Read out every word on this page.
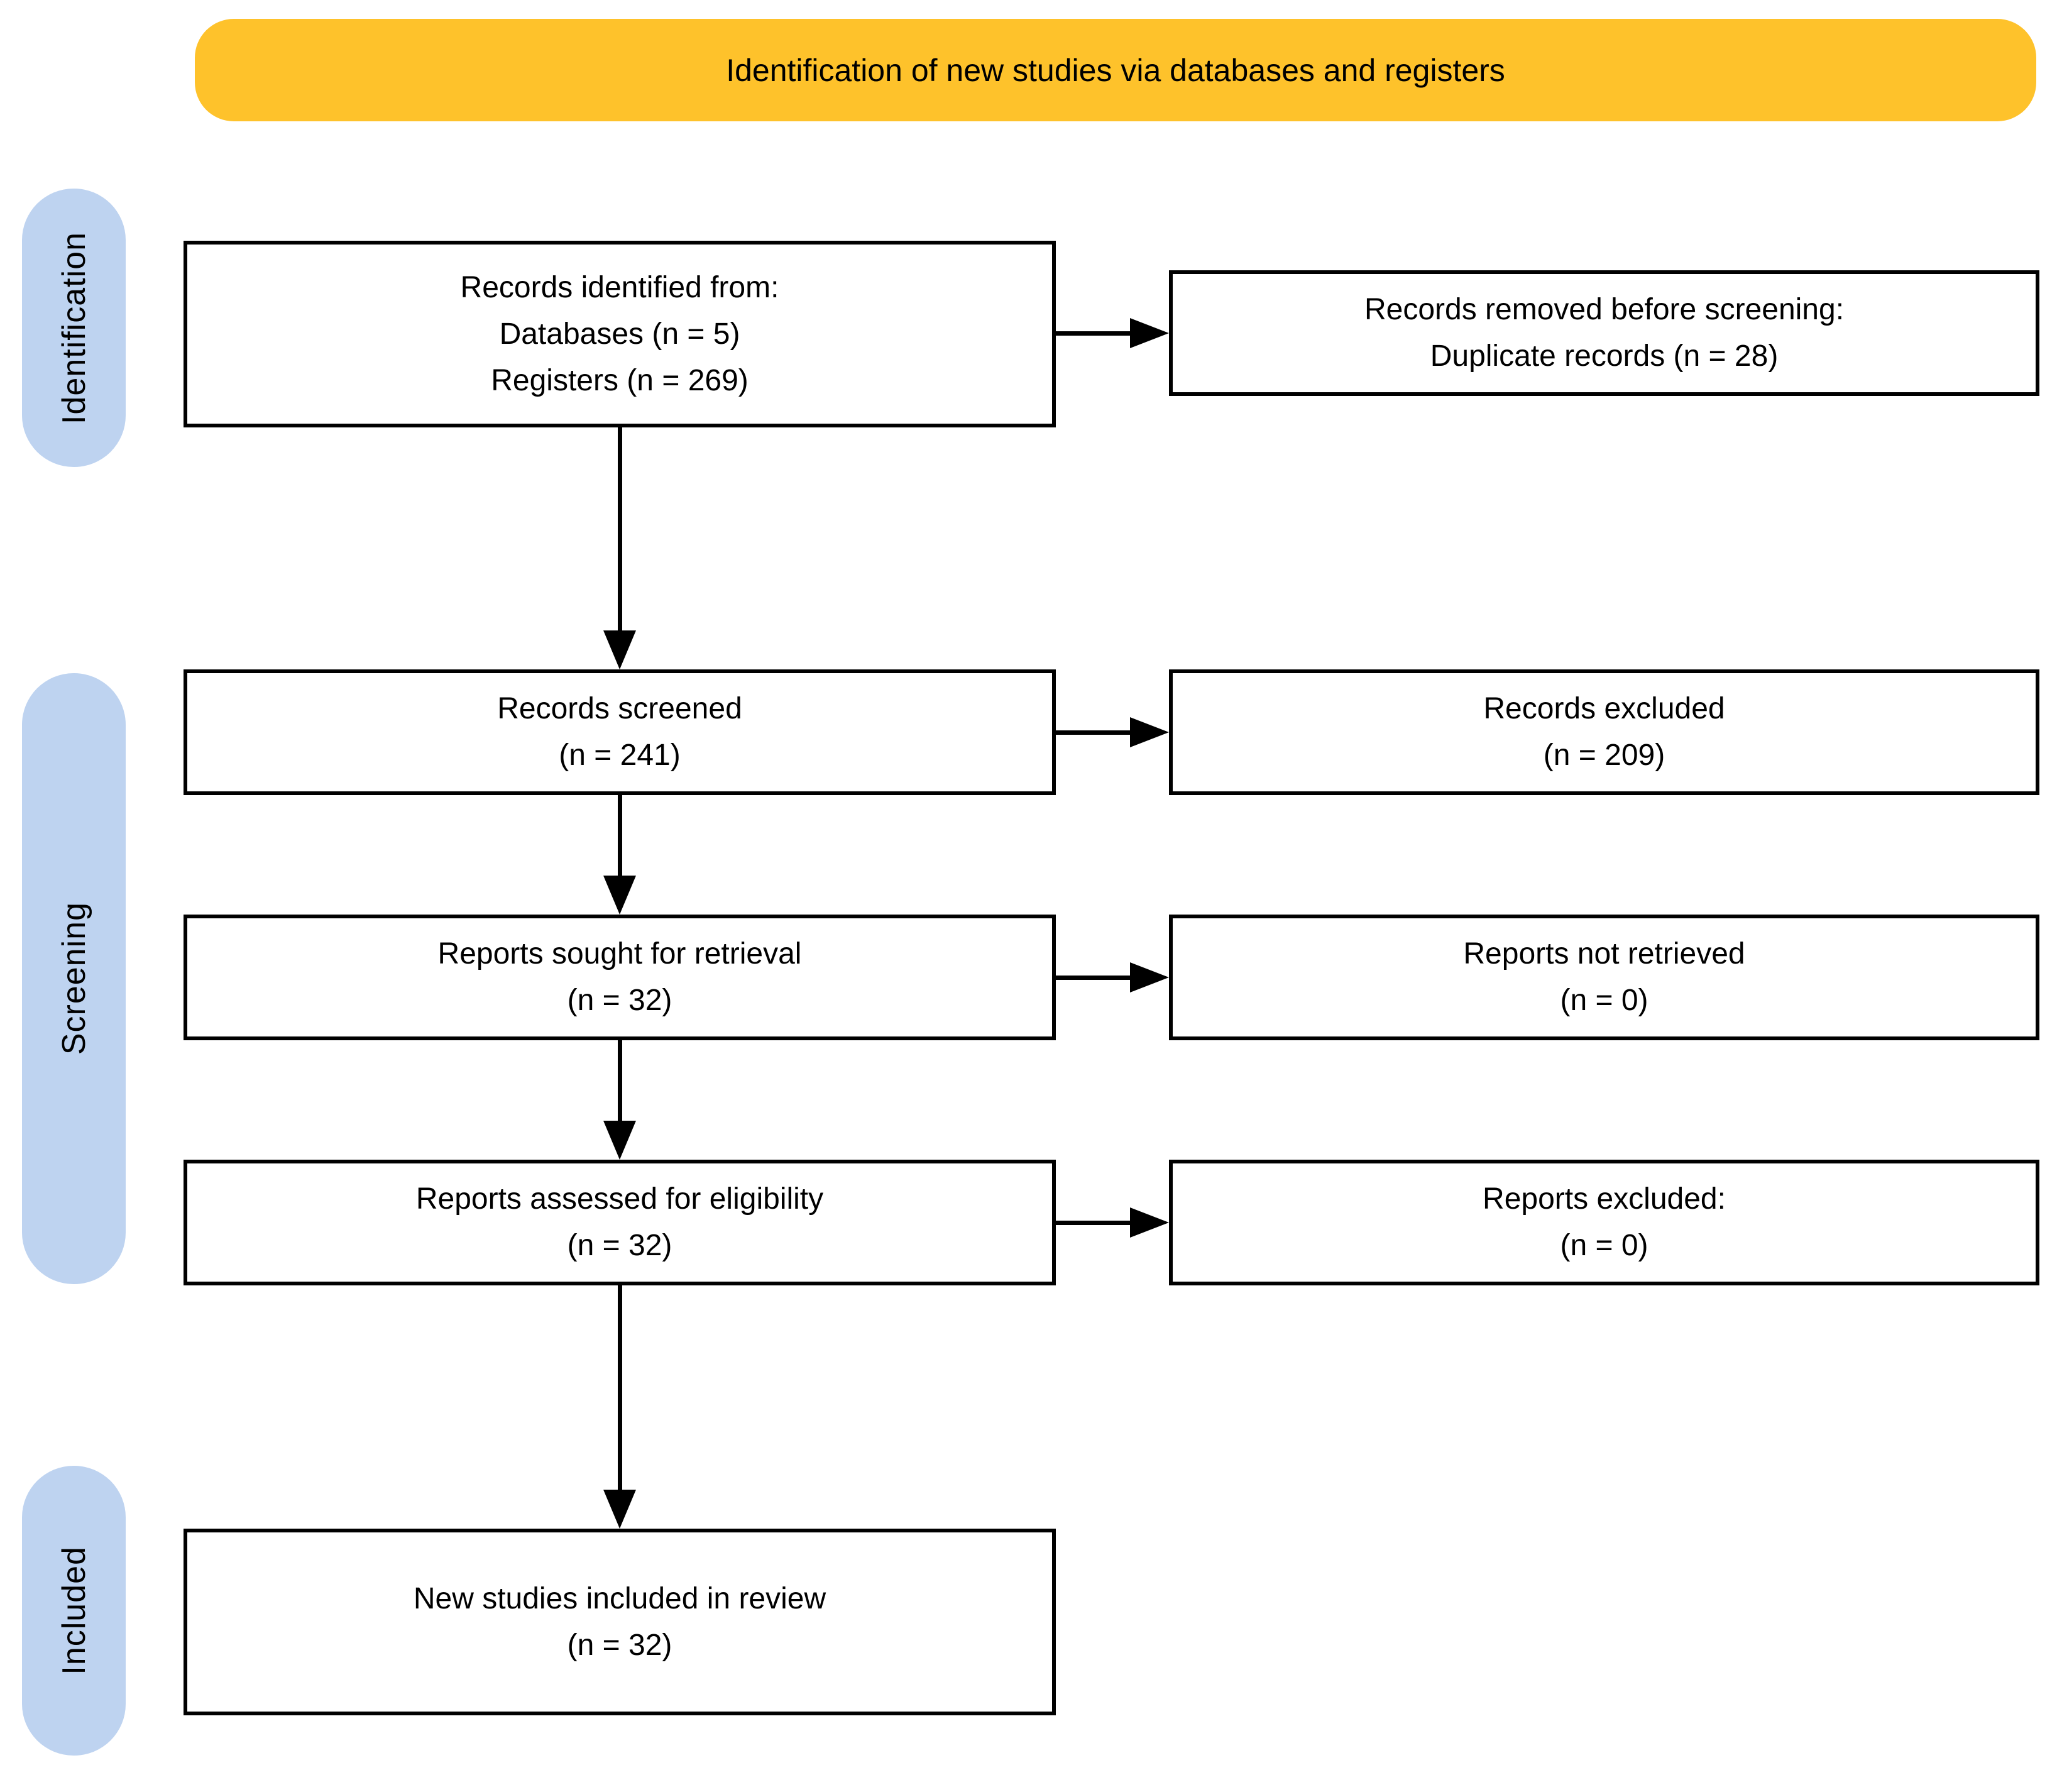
Identification of new studies via databases and registers
Identification
Screening
Included
Records identified from:
Databases (n = 5)
Registers (n = 269)
Records removed before screening:
Duplicate records (n = 28)
Records screened
(n = 241)
Records excluded
(n = 209)
Reports sought for retrieval
(n = 32)
Reports not retrieved
(n = 0)
Reports assessed for eligibility
(n = 32)
Reports excluded:
(n = 0)
New studies included in review
(n = 32)
